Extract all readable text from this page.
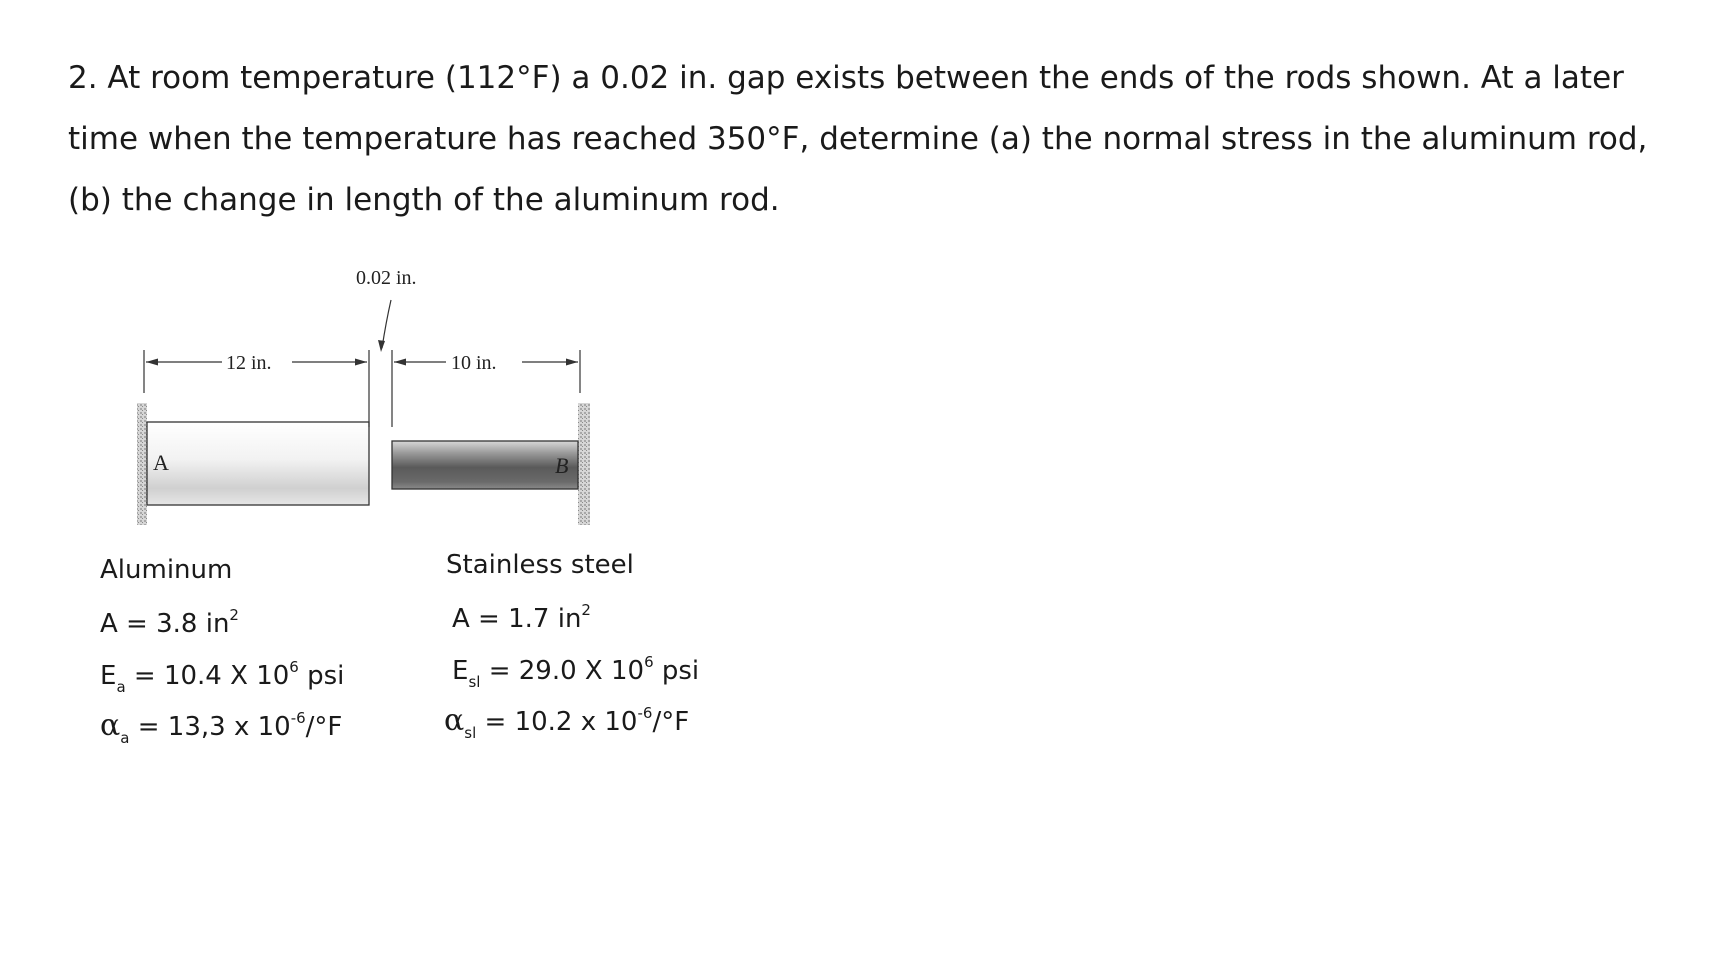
2. At room temperature (112°F) a 0.02 in. gap exists between the ends of the rods shown. At a later time when the temperature has reached 350°F, determine (a) the normal stress in the aluminum rod, (b) the change in length of the aluminum rod.
A	B
12 in.	10 in.
0.02 in.
Aluminum
A = 3.8 $in^2$
$E_a = 10.4$ X $10^6$ psi
$\alpha_a = 13,3$ x $10^{-6}/^\circ F$
Stainless steel
A = 1.7 $in^2$
$E_{sl} = 29.0$ X $10^6$ psi
$\alpha_{sl} = 10.2$ x $10^{-6}/^\circ F$
